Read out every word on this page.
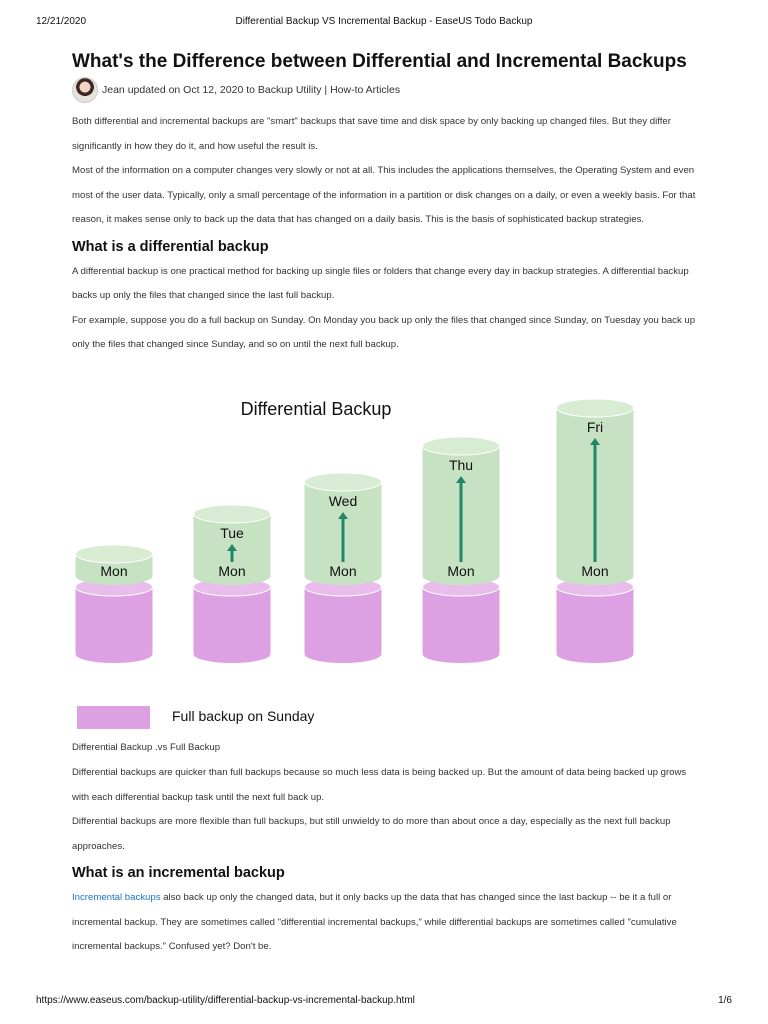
12/21/2020	Differential Backup VS Incremental Backup - EaseUS Todo Backup
What's the Difference between Differential and Incremental Backups
Jean updated on Oct 12, 2020 to Backup Utility | How-to Articles

Both differential and incremental backups are "smart" backups that save time and disk space by only backing up changed files. But they differ significantly in how they do it, and how useful the result is.

Most of the information on a computer changes very slowly or not at all. This includes the applications themselves, the Operating System and even most of the user data. Typically, only a small percentage of the information in a partition or disk changes on a daily, or even a weekly basis. For that reason, it makes sense only to back up the data that has changed on a daily basis. This is the basis of sophisticated backup strategies.

What is a differential backup

A differential backup is one practical method for backing up single files or folders that change every day in backup strategies. A differential backup backs up only the files that changed since the last full backup.

For example, suppose you do a full backup on Sunday. On Monday you back up only the files that changed since Sunday, on Tuesday you back up only the files that changed since Sunday, and so on until the next full backup.

Differential Backup
Mon	Mon
Tue
Mon
Wed
Mon
Thu
Mon
Fri
Full backup on Sunday
Differential Backup .vs Full Backup

Differential backups are quicker than full backups because so much less data is being backed up. But the amount of data being backed up grows with each differential backup task until the next full back up.

Differential backups are more flexible than full backups, but still unwieldy to do more than about once a day, especially as the next full backup approaches.

What is an incremental backup

Incremental backups also back up only the changed data, but it only backs up the data that has changed since the last backup -- be it a full or incremental backup. They are sometimes called "differential incremental backups," while differential backups are sometimes called "cumulative incremental backups." Confused yet? Don't be.

https://www.easeus.com/backup-utility/differential-backup-vs-incremental-backup.html	1/6
